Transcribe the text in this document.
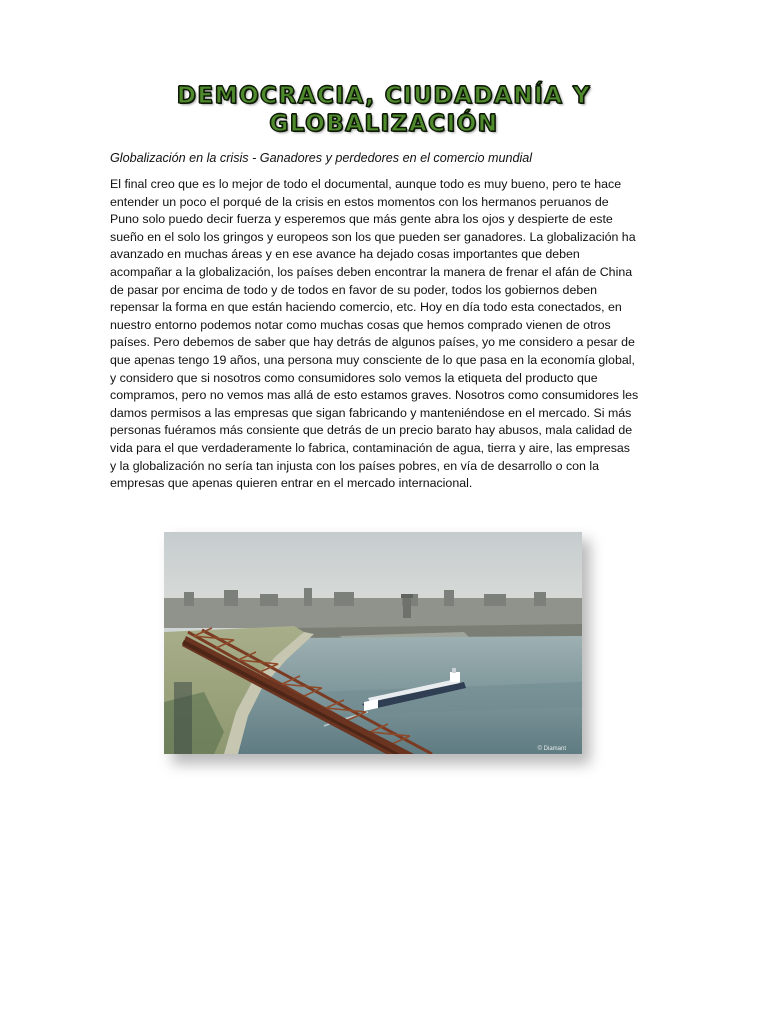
DEMOCRACIA, CIUDADANÍA Y
GLOBALIZACIÓN

Globalización en la crisis - Ganadores y perdedores en el comercio mundial

El final creo que es lo mejor de todo el documental, aunque todo es muy bueno, pero te hace
entender un poco el porqué de la crisis en estos momentos con los hermanos peruanos de
Puno solo puedo decir fuerza y esperemos que más gente abra los ojos y despierte de este
sueño en el solo los gringos y europeos son los que pueden ser ganadores. La globalización ha
avanzado en muchas áreas y en ese avance ha dejado cosas importantes que deben
acompañar a la globalización, los países deben encontrar la manera de frenar el afán de China
de pasar por encima de todo y de todos en favor de su poder, todos los gobiernos deben
repensar la forma en que están haciendo comercio, etc. Hoy en día todo esta conectados, en
nuestro entorno podemos notar como muchas cosas que hemos comprado vienen de otros
países. Pero debemos de saber que hay detrás de algunos países, yo me considero a pesar de
que apenas tengo 19 años, una persona muy consciente de lo que pasa en la economía global,
y considero que si nosotros como consumidores solo vemos la etiqueta del producto que
compramos, pero no vemos mas allá de esto estamos graves. Nosotros como consumidores les
damos permisos a las empresas que sigan fabricando y manteniéndose en el mercado. Si más
personas fuéramos más consiente que detrás de un precio barato hay abusos, mala calidad de
vida para el que verdaderamente lo fabrica, contaminación de agua, tierra y aire, las empresas
y la globalización no sería tan injusta con los países pobres, en vía de desarrollo o con la
empresas que apenas quieren entrar en el mercado internacional.

© Diamant
